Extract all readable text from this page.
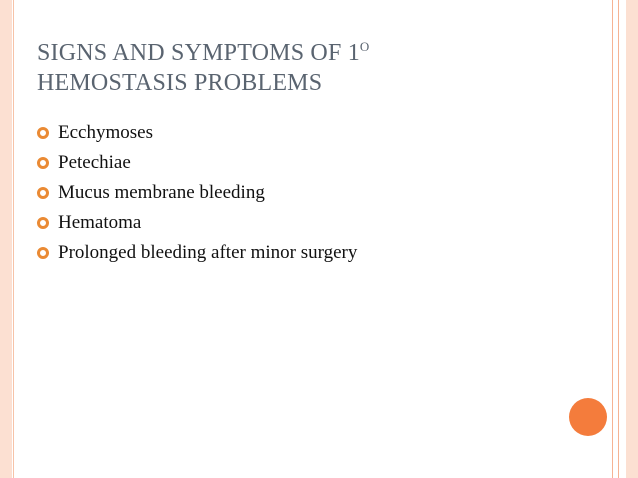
SIGNS AND SYMPTOMS OF $1^O$
HEMOSTASIS PROBLEMS
Ecchymoses
Petechiae
Mucus membrane bleeding
Hematoma
Prolonged bleeding after minor surgery
